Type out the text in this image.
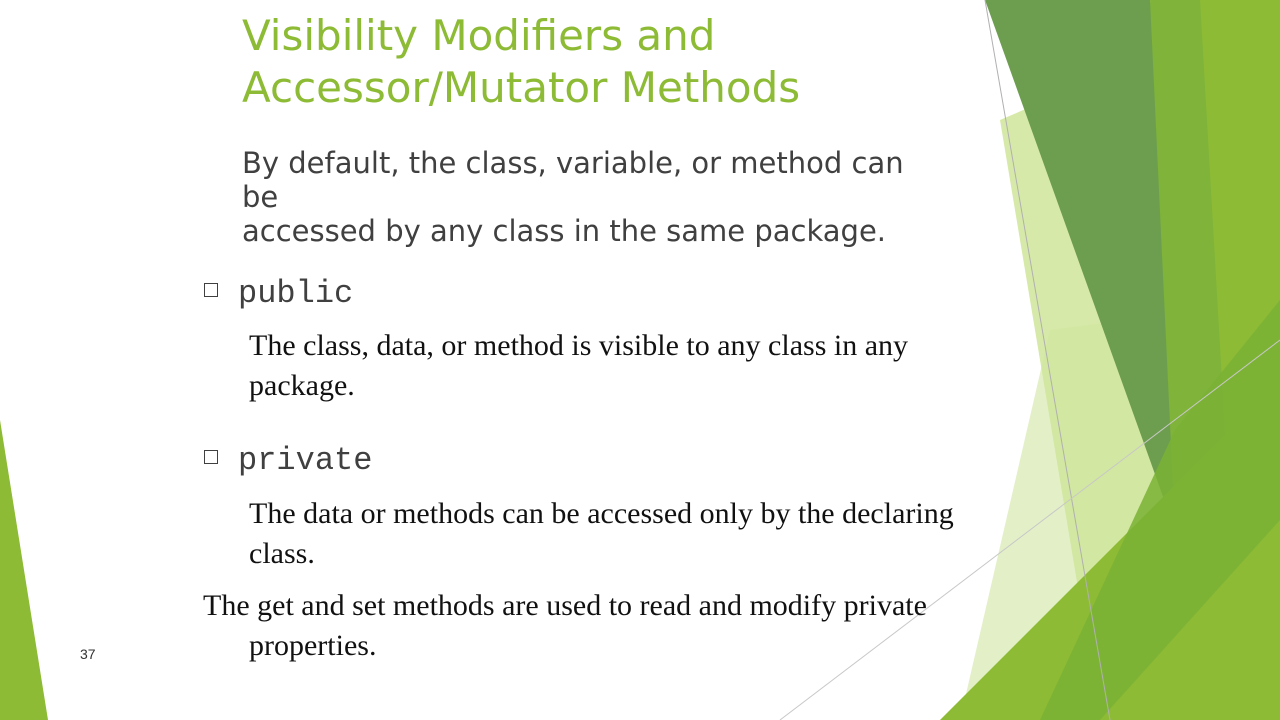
Visibility Modifiers and
Accessor/Mutator Methods

By default, the class, variable, or method can
be
accessed by any class in the same package.

public

The class, data, or method is visible to any class in any
package.

private

The data or methods can be accessed only by the declaring
class.

The get and set methods are used to read and modify private
properties.

37
